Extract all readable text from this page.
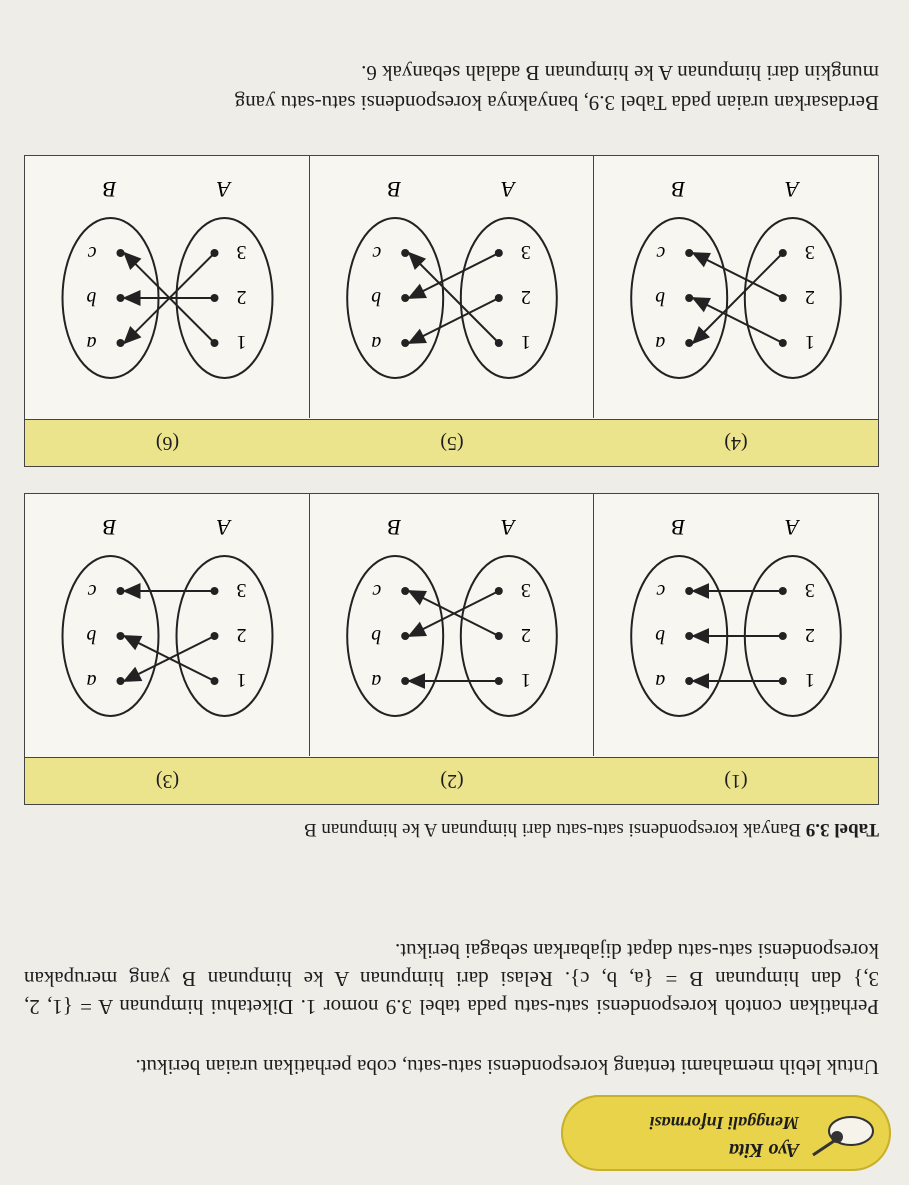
Ayo Kita
Menggali Informasi
Untuk lebih memahami tentang korespondensi satu-satu, coba perhatikan uraian berikut.
Perhatikan contoh korespondensi satu-satu pada tabel 3.9 nomor 1. Diketahui himpunan A = {1, 2, 3,} dan himpunan B = {a, b, c}. Relasi dari himpunan A ke himpunan B yang merupakan korespondensi satu-satu dapat dijabarkan sebagai berikut.
Tabel 3.9 Banyak korespondensi satu-satu dari himpunan A ke himpunan B
(1)
(2)
(3)
1
2
3
a
b
c
A
B
1
2
3
a
b
c
A
B
1
2
3
a
b
c
A
B
(4)
(5)
(6)
1
2
3
a
b
c
A
B
1
2
3
a
b
c
A
B
1
2
3
a
b
c
A
B
Berdasarkan uraian pada Tabel 3.9, banyaknya korespondensi satu-satu yang
mungkin dari himpunan A ke himpunan B adalah sebanyak 6.
